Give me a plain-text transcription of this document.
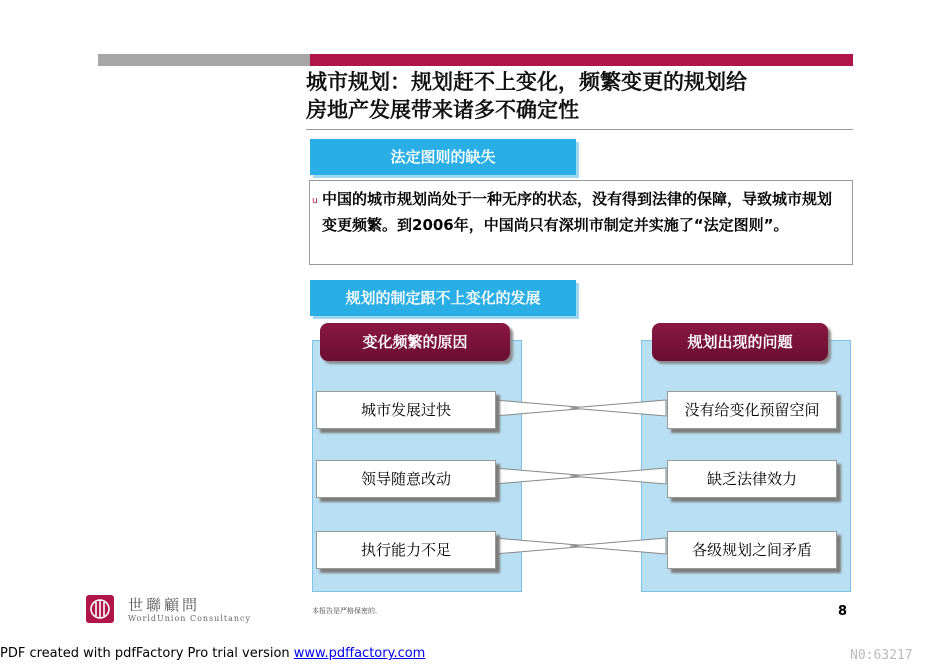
城市规划：规划赶不上变化，频繁变更的规划给
房地产发展带来诸多不确定性
法定图则的缺失
u 中国的城市规划尚处于一种无序的状态，没有得到法律的保障，导致城市规划变更频繁。到2006年，中国尚只有深圳市制定并实施了“法定图则”。
规划的制定跟不上变化的发展
变化频繁的原因	规划出现的问题
城市发展过快
领导随意改动
执行能力不足
没有给变化预留空间
缺乏法律效力
各级规划之间矛盾
本报告是严格保密的.	8
世聯顧問
WorldUnion Consultancy
PDF created with pdfFactory Pro trial version www.pdffactory.com	N0:63217
